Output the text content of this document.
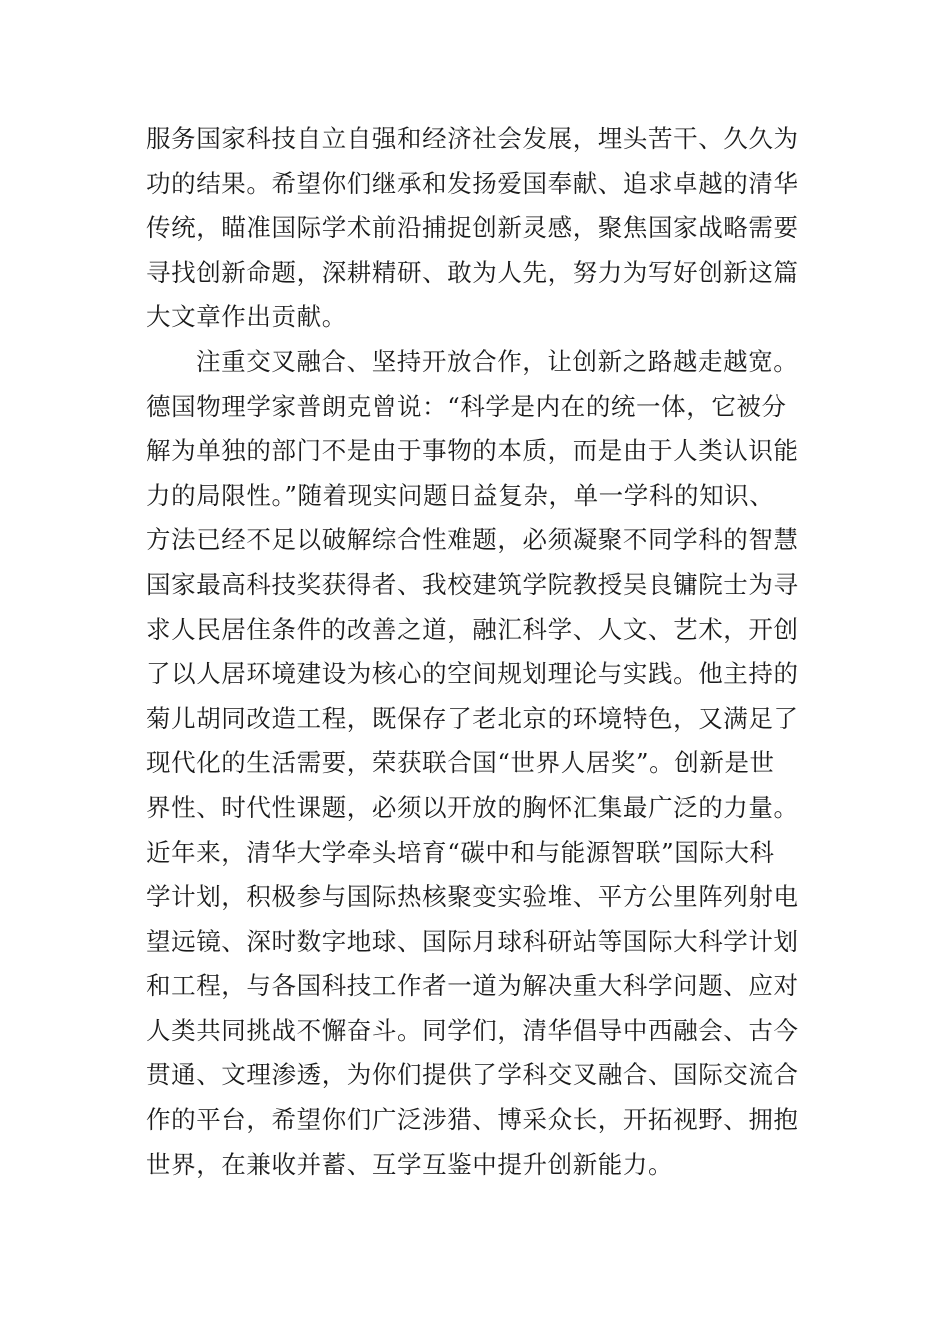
服务国家科技自立自强和经济社会发展，埋头苦干、久久为
功的结果。希望你们继承和发扬爱国奉献、追求卓越的清华
传统，瞄准国际学术前沿捕捉创新灵感，聚焦国家战略需要
寻找创新命题，深耕精研、敢为人先，努力为写好创新这篇
大文章作出贡献。
注重交叉融合、坚持开放合作，让创新之路越走越宽。
德国物理学家普朗克曾说：“科学是内在的统一体，它被分
解为单独的部门不是由于事物的本质，而是由于人类认识能
力的局限性。”随着现实问题日益复杂，单一学科的知识、
方法已经不足以破解综合性难题，必须凝聚不同学科的智慧
国家最高科技奖获得者、我校建筑学院教授吴良镛院士为寻
求人民居住条件的改善之道，融汇科学、人文、艺术，开创
了以人居环境建设为核心的空间规划理论与实践。他主持的
菊儿胡同改造工程，既保存了老北京的环境特色，又满足了
现代化的生活需要，荣获联合国“世界人居奖”。创新是世
界性、时代性课题，必须以开放的胸怀汇集最广泛的力量。
近年来，清华大学牵头培育“碳中和与能源智联”国际大科
学计划，积极参与国际热核聚变实验堆、平方公里阵列射电
望远镜、深时数字地球、国际月球科研站等国际大科学计划
和工程，与各国科技工作者一道为解决重大科学问题、应对
人类共同挑战不懈奋斗。同学们，清华倡导中西融会、古今
贯通、文理渗透，为你们提供了学科交叉融合、国际交流合
作的平台，希望你们广泛涉猎、博采众长，开拓视野、拥抱
世界，在兼收并蓄、互学互鉴中提升创新能力。
